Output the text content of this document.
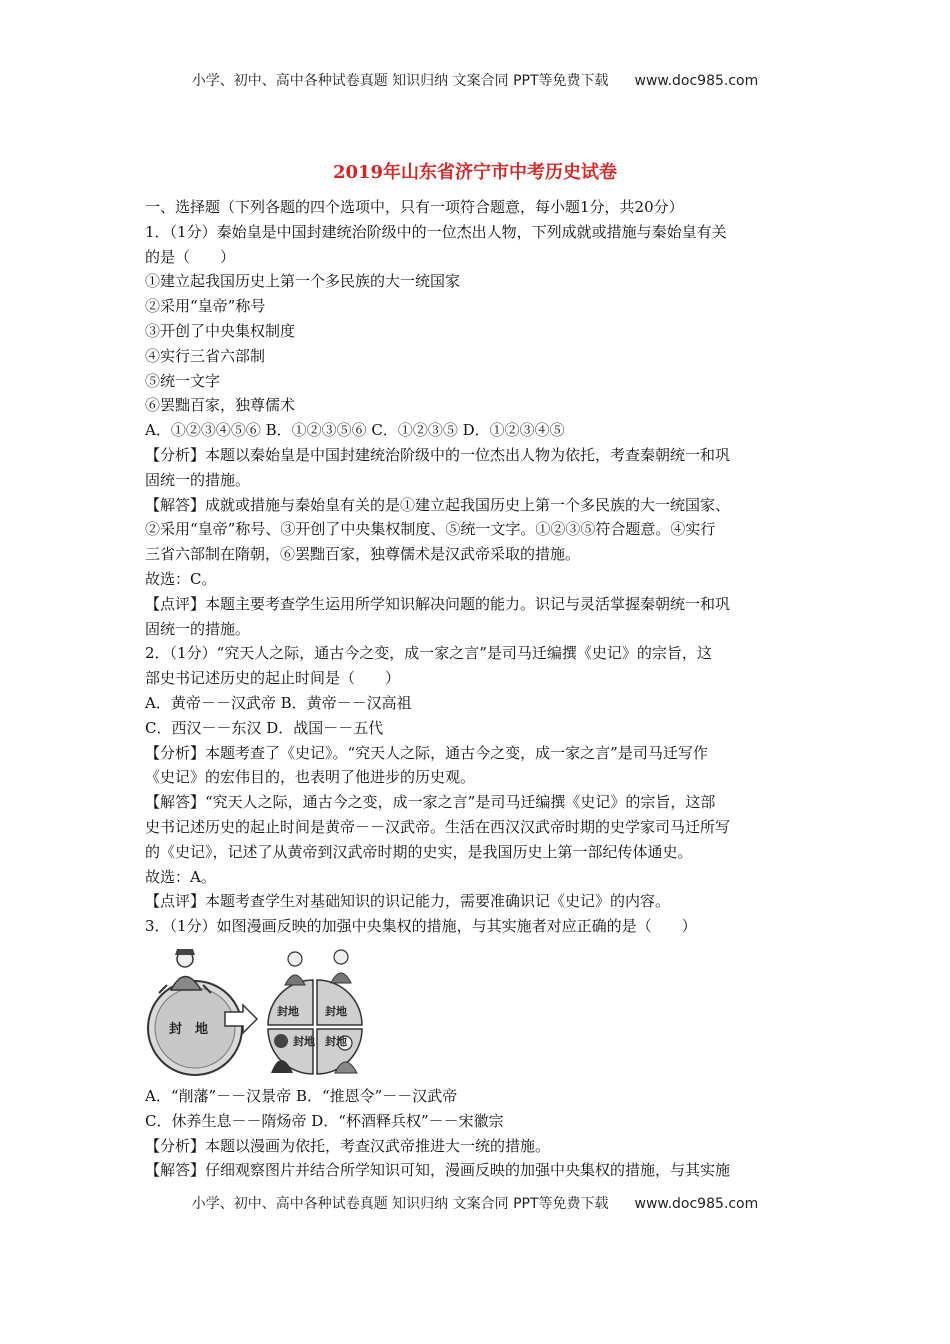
小学、初中、高中各种试卷真题 知识归纳 文案合同 PPT等免费下载 www.doc985.com
2019年山东省济宁市中考历史试卷
一、选择题（下列各题的四个选项中，只有一项符合题意，每小题1分，共20分）
1．（1分）秦始皇是中国封建统治阶级中的一位杰出人物，下列成就或措施与秦始皇有关
的是（　　）
①建立起我国历史上第一个多民族的大一统国家
②采用“皇帝”称号
③开创了中央集权制度
④实行三省六部制
⑤统一文字
⑥罢黜百家，独尊儒术
A．①②③④⑤⑥ B．①②③⑤⑥ C．①②③⑤ D．①②③④⑤
【分析】本题以秦始皇是中国封建统治阶级中的一位杰出人物为依托，考查秦朝统一和巩
固统一的措施。
【解答】成就或措施与秦始皇有关的是①建立起我国历史上第一个多民族的大一统国家、
②采用“皇帝”称号、③开创了中央集权制度、⑤统一文字。①②③⑤符合题意。④实行
三省六部制在隋朝，⑥罢黜百家，独尊儒术是汉武帝采取的措施。
故选：C。
【点评】本题主要考查学生运用所学知识解决问题的能力。识记与灵活掌握秦朝统一和巩
固统一的措施。
2．（1分）“究天人之际，通古今之变，成一家之言”是司马迁编撰《史记》的宗旨，这
部史书记述历史的起止时间是（　　）
A．黄帝－－汉武帝 B．黄帝－－汉高祖
C．西汉－－东汉 D．战国－－五代
【分析】本题考查了《史记》。“究天人之际，通古今之变，成一家之言”是司马迁写作
《史记》的宏伟目的，也表明了他进步的历史观。
【解答】“究天人之际，通古今之变，成一家之言”是司马迁编撰《史记》的宗旨，这部
史书记述历史的起止时间是黄帝－－汉武帝。生活在西汉汉武帝时期的史学家司马迁所写
的《史记》，记述了从黄帝到汉武帝时期的史实，是我国历史上第一部纪传体通史。
故选：A。
【点评】本题考查学生对基础知识的识记能力，需要准确识记《史记》的内容。
3．（1分）如图漫画反映的加强中央集权的措施，与其实施者对应正确的是（　　）
封　地
封地 封地
封地 封地
A．“削藩”－－汉景帝 B．“推恩令”－－汉武帝
C．休养生息－－隋炀帝 D．“杯酒释兵权”－－宋徽宗
【分析】本题以漫画为依托，考查汉武帝推进大一统的措施。
【解答】仔细观察图片并结合所学知识可知，漫画反映的加强中央集权的措施，与其实施
小学、初中、高中各种试卷真题 知识归纳 文案合同 PPT等免费下载 www.doc985.com
